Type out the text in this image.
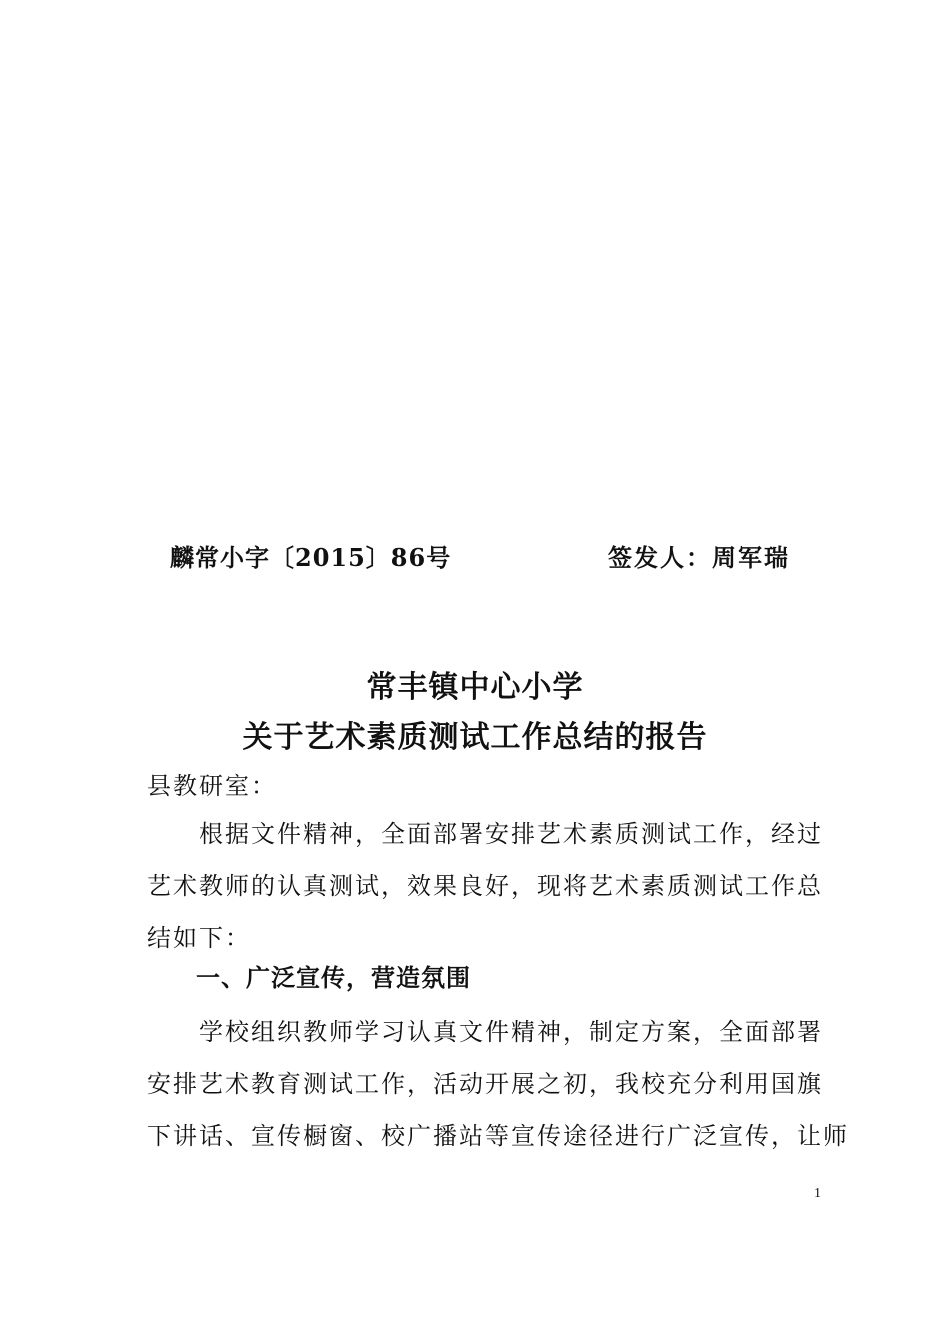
麟常小字〔2015〕86号	签发人：周军瑞
常丰镇中心小学
关于艺术素质测试工作总结的报告
县教研室：
　　根据文件精神，全面部署安排艺术素质测试工作，经过
艺术教师的认真测试，效果良好，现将艺术素质测试工作总
结如下：
一、广泛宣传，营造氛围
　　学校组织教师学习认真文件精神，制定方案，全面部署
安排艺术教育测试工作，活动开展之初，我校充分利用国旗
下讲话、宣传橱窗、校广播站等宣传途径进行广泛宣传，让师
1
